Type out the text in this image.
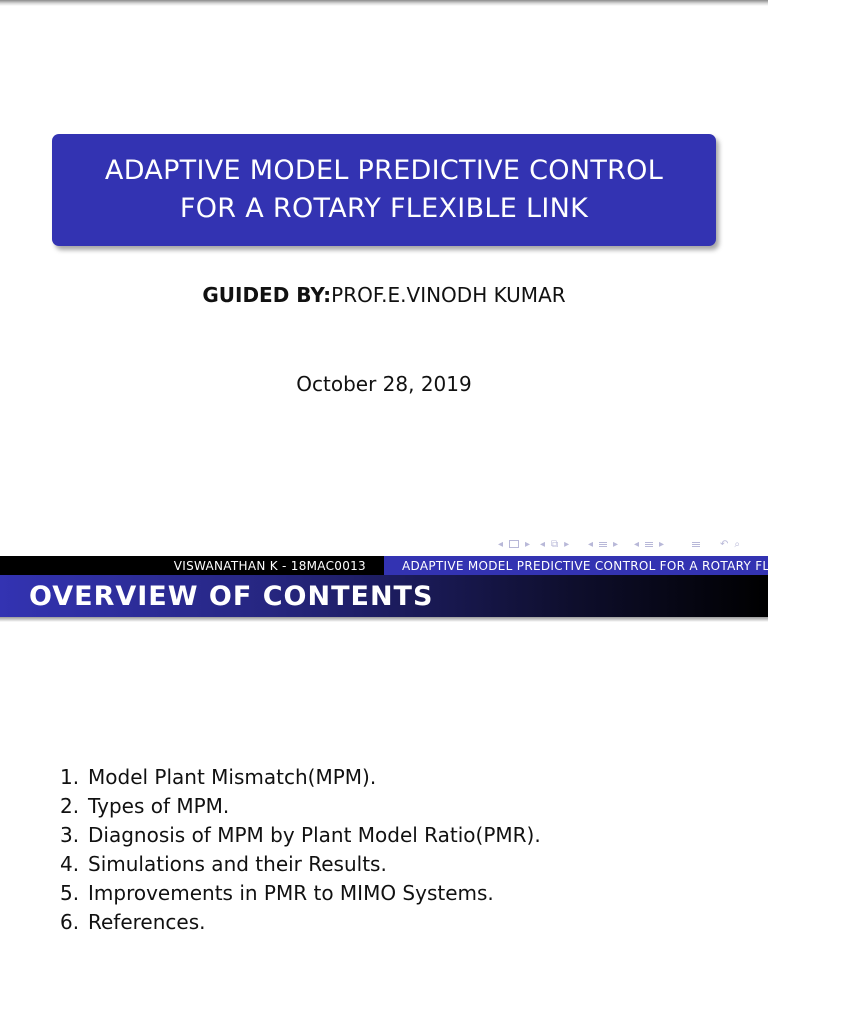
ADAPTIVE MODEL PREDICTIVE CONTROL
FOR A ROTARY FLEXIBLE LINK
GUIDED BY:PROF.E.VINODH KUMAR
October 28, 2019
◂ ▸ ◂ ⧉ ▸ ◂ ▸ ◂ ▸	↶ ⌕
VISWANATHAN K - 18MAC0013	ADAPTIVE MODEL PREDICTIVE CONTROL FOR A ROTARY FLEXIBLE LINK
OVERVIEW OF CONTENTS
1. Model Plant Mismatch(MPM).
2. Types of MPM.
3. Diagnosis of MPM by Plant Model Ratio(PMR).
4. Simulations and their Results.
5. Improvements in PMR to MIMO Systems.
6. References.
